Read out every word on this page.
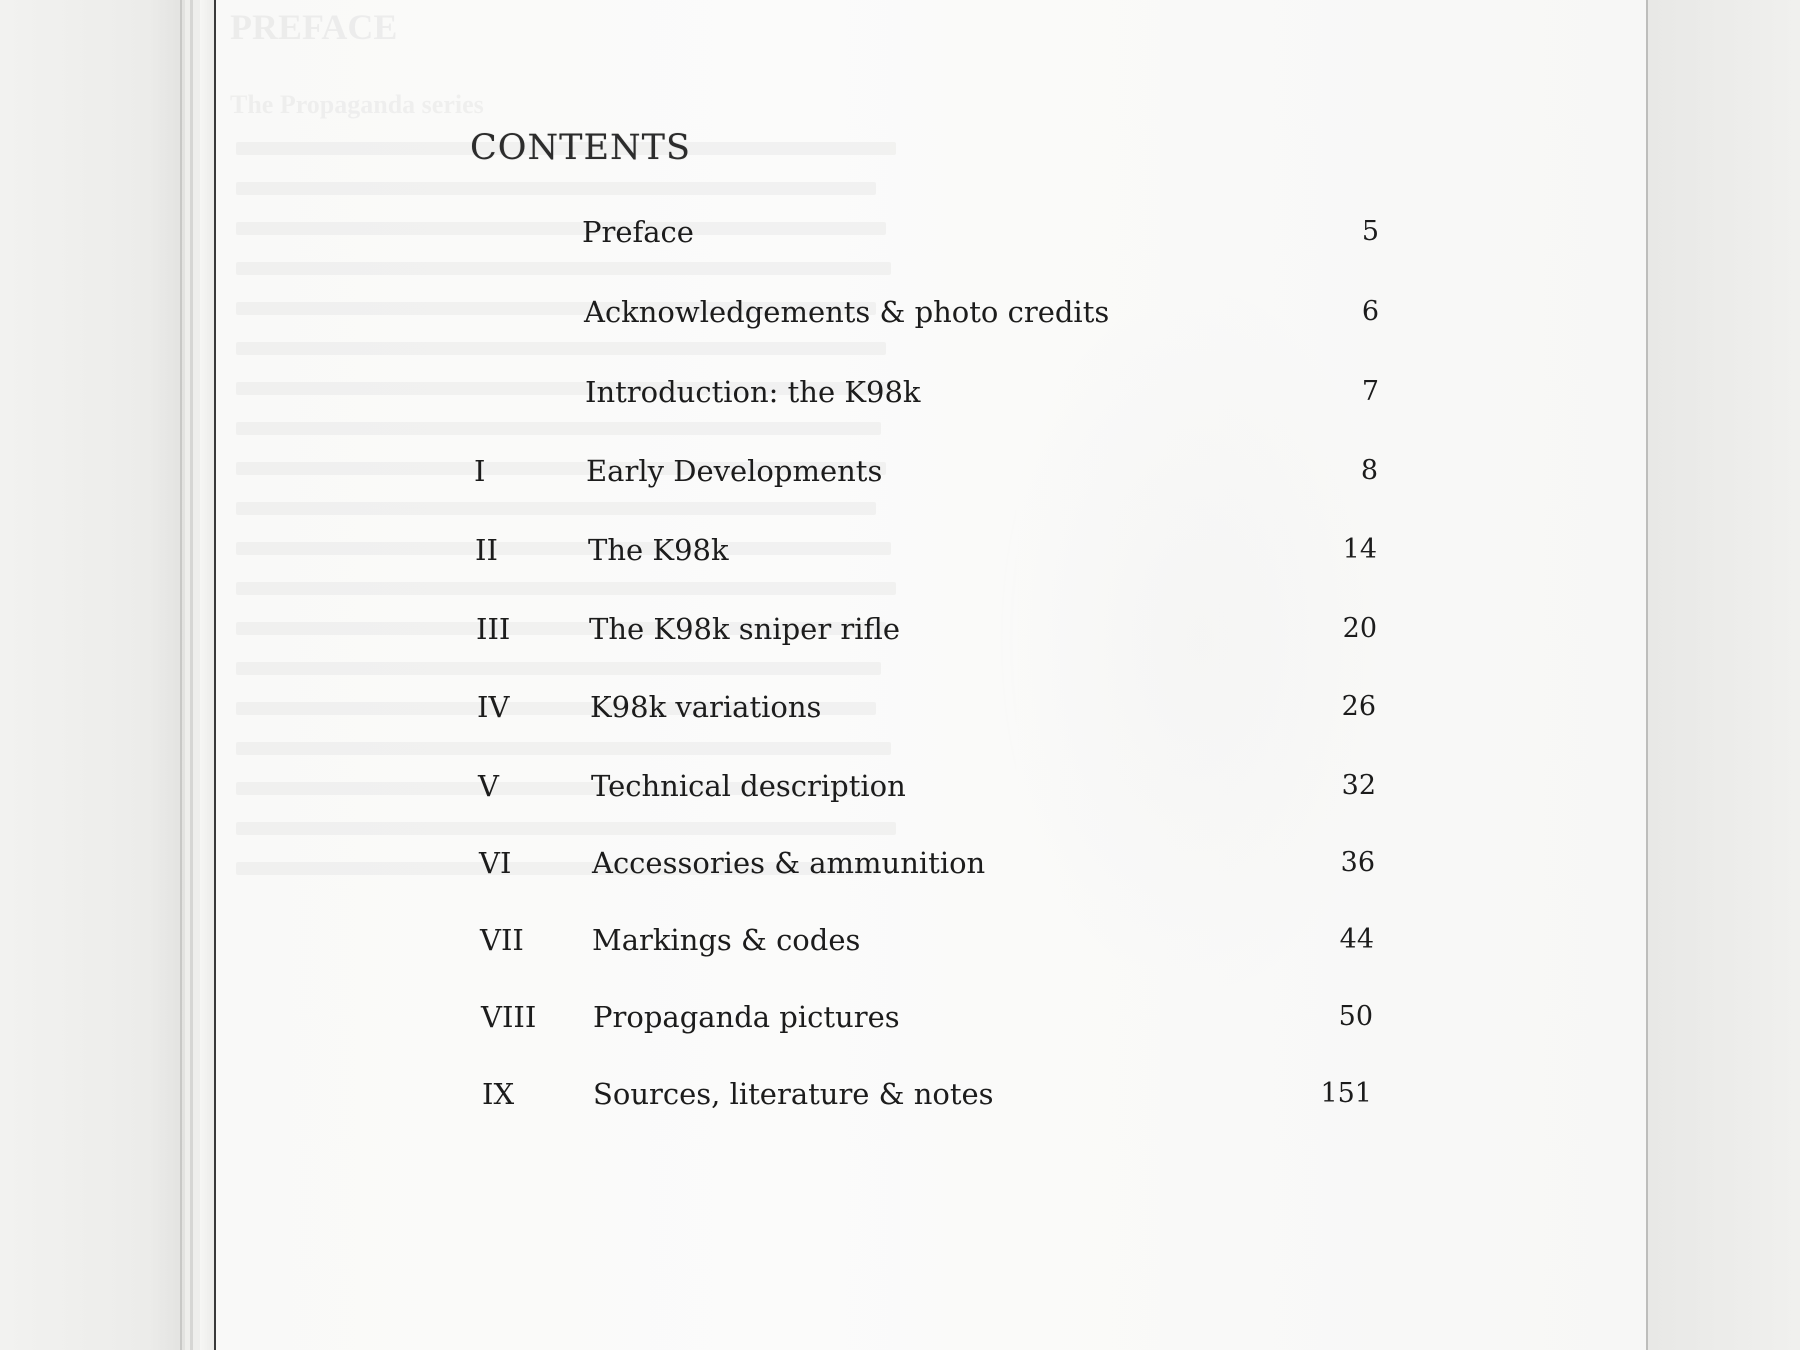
CONTENTS
Preface	5
Acknowledgements & photo credits	6
Introduction: the K98k	7
I	Early Developments	8
II	The K98k	14
III	The K98k sniper rifle	20
IV	K98k variations	26
V	Technical description	32
VI	Accessories & ammunition	36
VII Markings & codes	44
VIII Propaganda pictures	50
IX	Sources, literature & notes	151
